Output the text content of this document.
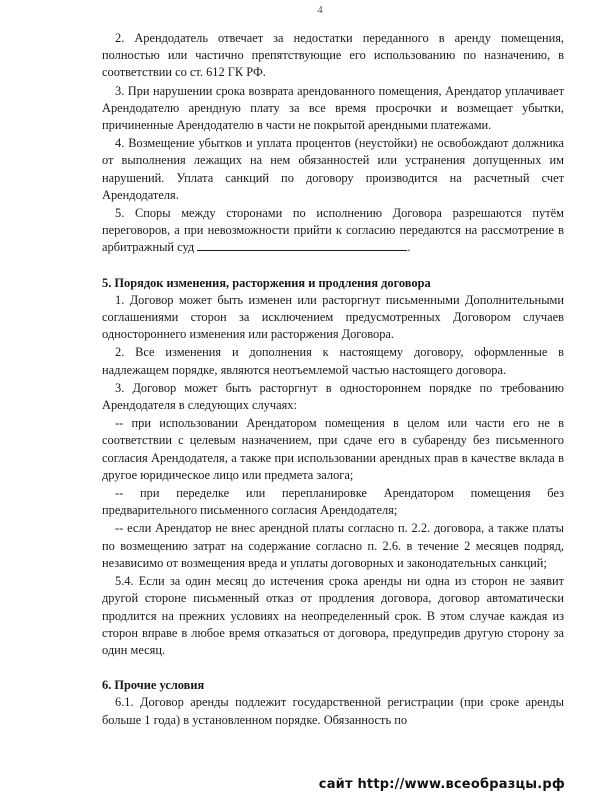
4

2. Арендодатель отвечает за недостатки переданного в аренду помещения, полностью или частично препятствующие его использованию по назначению, в соответствии со ст. 612 ГК РФ.

3. При нарушении срока возврата арендованного помещения, Арендатор уплачивает Арендодателю арендную плату за все время просрочки и возмещает убытки, причиненные Арендодателю в части не покрытой арендными платежами.

4. Возмещение убытков и уплата процентов (неустойки) не освобождают должника от выполнения лежащих на нем обязанностей или устранения допущенных им нарушений. Уплата санкций по договору производится на расчетный счет Арендодателя.

5. Споры между сторонами по исполнению Договора разрешаются путём переговоров, а при невозможности прийти к согласию передаются на рассмотрение в арбитражный суд	.

5. Порядок изменения, расторжения и продления договора

1. Договор может быть изменен или расторгнут письменными Дополнительными соглашениями сторон за исключением предусмотренных Договором случаев одностороннего изменения или расторжения Договора.

2. Все изменения и дополнения к настоящему договору, оформленные в надлежащем порядке, являются неотъемлемой частью настоящего договора.

3. Договор может быть расторгнут в одностороннем порядке по требованию Арендодателя в следующих случаях:

-- при использовании Арендатором помещения в целом или части его не в соответствии с целевым назначением, при сдаче его в субаренду без письменного согласия Арендодателя, а также при использовании арендных прав в качестве вклада в другое юридическое лицо или предмета залога;

-- при переделке или перепланировке Арендатором помещения без предварительного письменного согласия Арендодателя;

-- если Арендатор не внес арендной платы согласно п. 2.2. договора, а также платы по возмещению затрат на содержание согласно п. 2.6. в течение 2 месяцев подряд, независимо от возмещения вреда и уплаты договорных и законодательных санкций;

5.4. Если за один месяц до истечения срока аренды ни одна из сторон не заявит другой стороне письменный отказ от продления договора, договор автоматически продлится на прежних условиях на неопределенный срок. В этом случае каждая из сторон вправе в любое время отказаться от договора, предупредив другую сторону за один месяц.

6. Прочие условия

6.1. Договор аренды подлежит государственной регистрации (при сроке аренды больше 1 года) в установленном порядке. Обязанность по

сайт http://www.всеобразцы.рф
